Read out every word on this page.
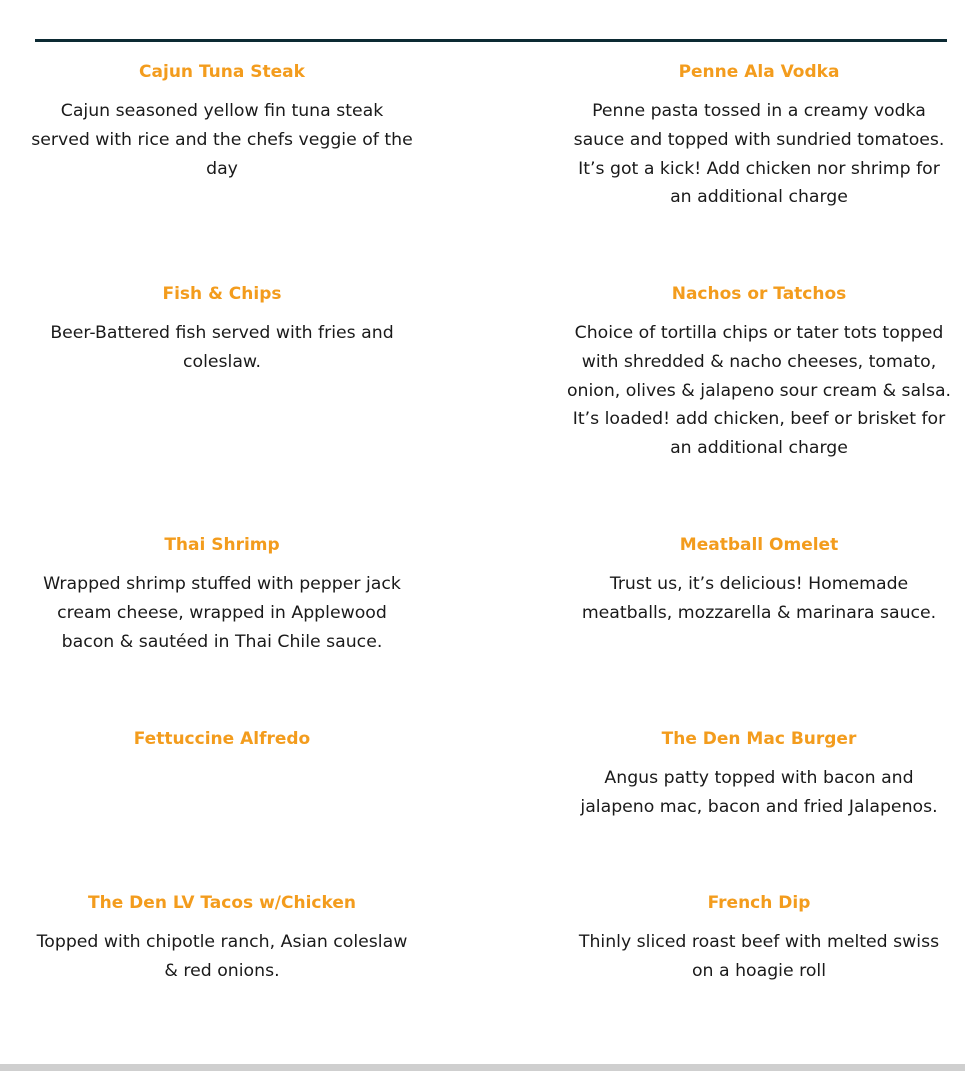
Cajun Tuna Steak

Cajun seasoned yellow fin tuna steak served with rice and the chefs veggie of the day

Penne Ala Vodka

Penne pasta tossed in a creamy vodka sauce and topped with sundried tomatoes. It’s got a kick! Add chicken nor shrimp for an additional charge

Fish & Chips

Beer-Battered fish served with fries and coleslaw.

Nachos or Tatchos

Choice of tortilla chips or tater tots topped with shredded & nacho cheeses, tomato, onion, olives & jalapeno sour cream & salsa. It’s loaded! add chicken, beef or brisket for an additional charge

Thai Shrimp

Wrapped shrimp stuffed with pepper jack cream cheese, wrapped in Applewood bacon & sautéed in Thai Chile sauce.

Meatball Omelet

Trust us, it’s delicious! Homemade meatballs, mozzarella & marinara sauce.

Fettuccine Alfredo	The Den Mac Burger

Angus patty topped with bacon and jalapeno mac, bacon and fried Jalapenos.

The Den LV Tacos w/Chicken

Topped with chipotle ranch, Asian coleslaw & red onions.

French Dip

Thinly sliced roast beef with melted swiss on a hoagie roll
